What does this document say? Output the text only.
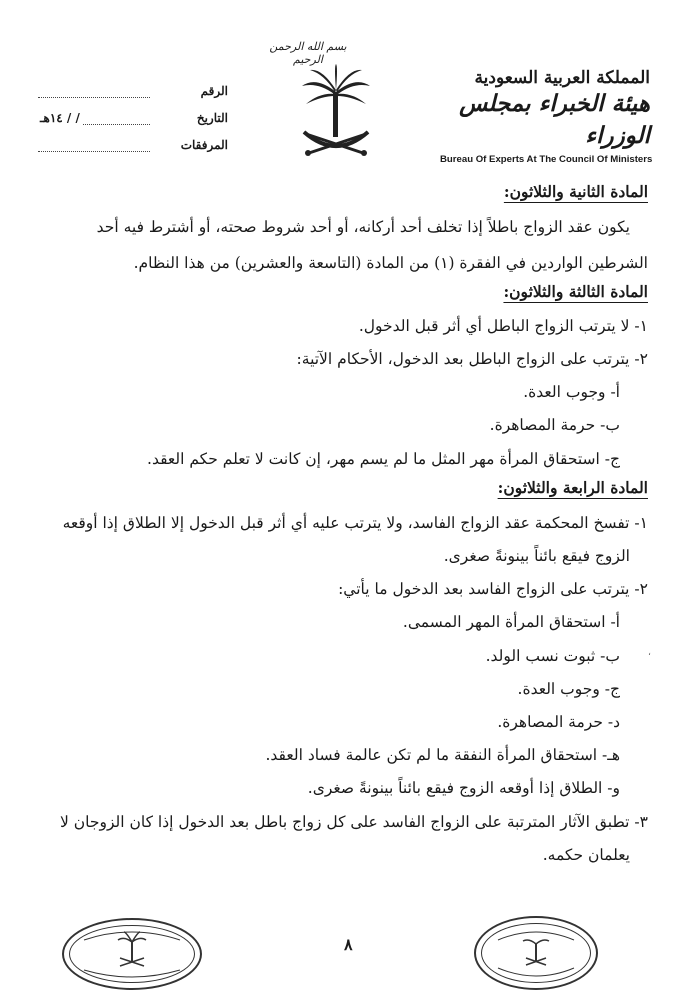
بسم الله الرحمن الرحيم
المملكة العربية السعودية
هيئة الخبراء بمجلس الوزراء
Bureau Of Experts At The Council Of Ministers
الرقم
التاريخ
/ / ١٤هـ
المرفقات
المادة الثانية والثلاثون:
يكون عقد الزواج باطلاً إذا تخلف أحد أركانه، أو أحد شروط صحته، أو أشترط فيه أحد
الشرطين الواردين في الفقرة (١) من المادة (التاسعة والعشرين) من هذا النظام.
المادة الثالثة والثلاثون:
١- لا يترتب الزواج الباطل أي أثر قبل الدخول.
٢- يترتب على الزواج الباطل بعد الدخول، الأحكام الآتية:
أ- وجوب العدة.
ب- حرمة المصاهرة.
ج- استحقاق المرأة مهر المثل ما لم يسم مهر، إن كانت لا تعلم حكم العقد.
المادة الرابعة والثلاثون:
١- تفسخ المحكمة عقد الزواج الفاسد، ولا يترتب عليه أي أثر قبل الدخول إلا الطلاق إذا أوقعه
الزوج فيقع بائناً بينونةً صغرى.
٢- يترتب على الزواج الفاسد بعد الدخول ما يأتي:
أ- استحقاق المرأة المهر المسمى.
ب- ثبوت نسب الولد.
ج- وجوب العدة.
د- حرمة المصاهرة.
هـ- استحقاق المرأة النفقة ما لم تكن عالمة فساد العقد.
و- الطلاق إذا أوقعه الزوج فيقع بائناً بينونةً صغرى.
٣- تطبق الآثار المترتبة على الزواج الفاسد على كل زواج باطل بعد الدخول إذا كان الزوجان لا
يعلمان حكمه.
،
٨
